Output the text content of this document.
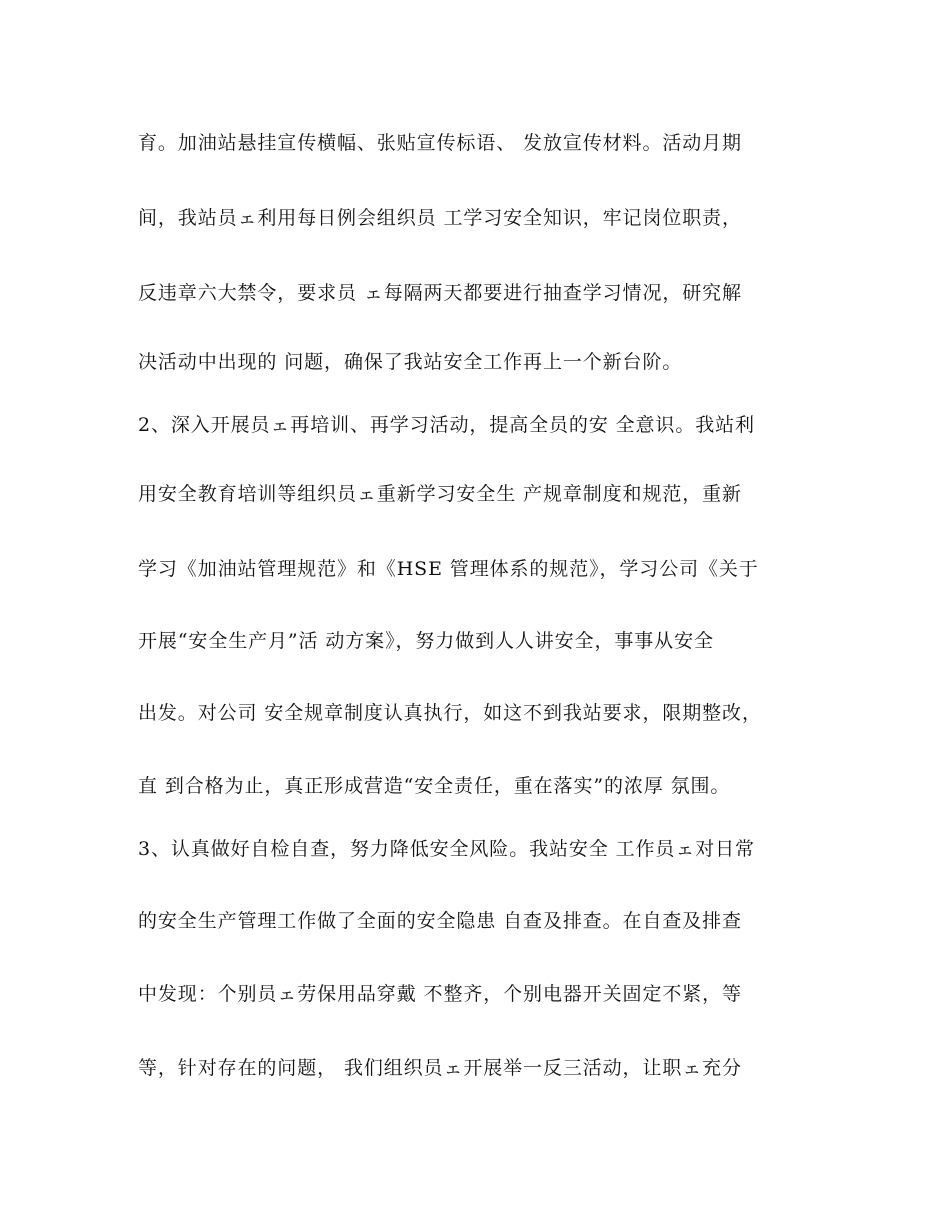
育。加油站悬挂宣传横幅、张贴宣传标语、 发放宣传材料。活动月期
间，我站员ェ利用每日例会组织员 工学习安全知识，牢记岗位职责，
反违章六大禁令，要求员 ェ每隔两天都要进行抽查学习情况，研究解
决活动中出现的 问题，确保了我站安全工作再上一个新台阶。
2、深入开展员ェ再培训、再学习活动，提高全员的安 全意识。我站利
用安全教育培训等组织员ェ重新学习安全生 产规章制度和规范，重新
学习《加油站管理规范》和《HSE 管理体系的规范》，学习公司《关于
开展“安全生产月”活 动方案》，努力做到人人讲安全，事事从安全
出发。对公司 安全规章制度认真执行，如这不到我站要求，限期整改，
直 到合格为止，真正形成营造“安全责任，重在落实”的浓厚 氛围。
3、认真做好自检自查，努力降低安全风险。我站安全 工作员ェ对日常
的安全生产管理工作做了全面的安全隐患 自查及排查。在自查及排查
中发现：个别员ェ劳保用品穿戴 不整齐，个别电器开关固定不紧，等
等，针对存在的问题， 我们组织员ェ开展举一反三活动，让职ェ充分
